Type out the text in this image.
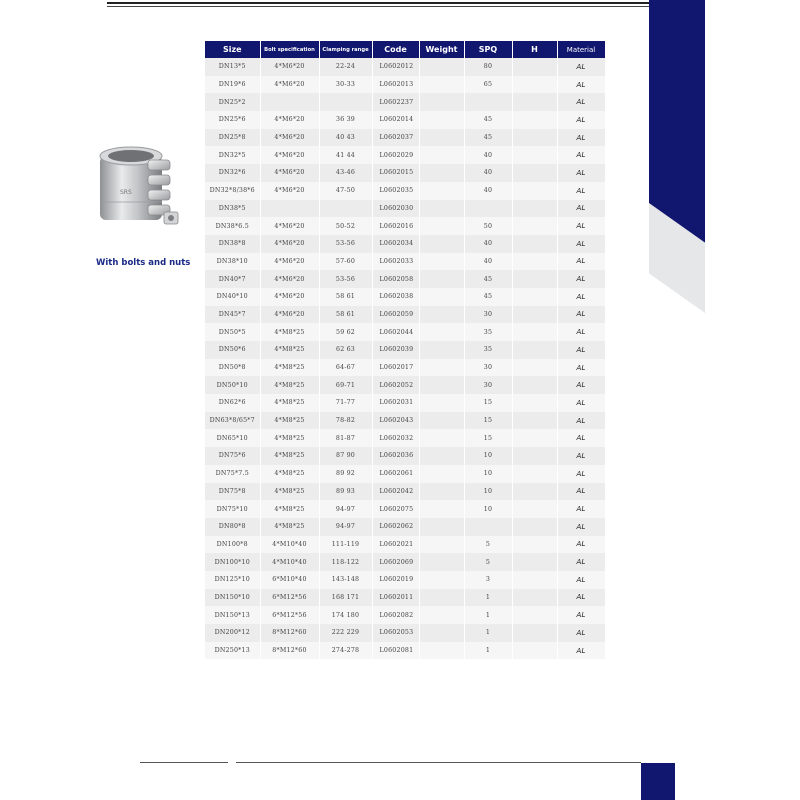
SRS
With bolts and nuts
Size	Bolt specification	Clamping range	Code	Weight	SPQ	H	Material
DN13*5	4*M6*20	22-24	L0602012		80		AL
DN19*6	4*M6*20	30-33	L0602013		65		AL
DN25*2			L0602237				AL
DN25*6	4*M6*20	36 39	L0602014		45		AL
DN25*8	4*M6*20	40 43	L0602037		45		AL
DN32*5	4*M6*20	41 44	L0602029		40		AL
DN32*6	4*M6*20	43-46	L0602015		40		AL
DN32*8/38*6	4*M6*20	47-50	L0602035		40		AL
DN38*5			L0602030				AL
DN38*6.5	4*M6*20	50-52	L0602016		50		AL
DN38*8	4*M6*20	53-56	L0602034		40		AL
DN38*10	4*M6*20	57-60	L0602033		40		AL
DN40*7	4*M6*20	53-56	L0602058		45		AL
DN40*10	4*M6*20	58 61	L0602038		45		AL
DN45*7	4*M6*20	58 61	L0602059		30		AL
DN50*5	4*M8*25	59 62	L0602044		35		AL
DN50*6	4*M8*25	62 63	L0602039		35		AL
DN50*8	4*M8*25	64-67	L0602017		30		AL
DN50*10	4*M8*25	69-71	L0602052		30		AL
DN62*6	4*M8*25	71-77	L0602031		15		AL
DN63*8/65*7	4*M8*25	78-82	L0602043		15		AL
DN65*10	4*M8*25	81-87	L0602032		15		AL
DN75*6	4*M8*25	87 90	L0602036		10		AL
DN75*7.5	4*M8*25	89 92	L0602061		10		AL
DN75*8	4*M8*25	89 93	L0602042		10		AL
DN75*10	4*M8*25	94-97	L0602075		10		AL
DN80*8	4*M8*25	94-97	L0602062				AL
DN100*8	4*M10*40	111-119	L0602021		5		AL
DN100*10	4*M10*40	118-122	L0602069		5		AL
DN125*10	6*M10*40	143-148	L0602019		3		AL
DN150*10	6*M12*56	168 171	L0602011		1		AL
DN150*13	6*M12*56	174 180	L0602082		1		AL
DN200*12	8*M12*60	222 229	L0602053		1		AL
DN250*13	8*M12*60	274-278	L0602081		1		AL
